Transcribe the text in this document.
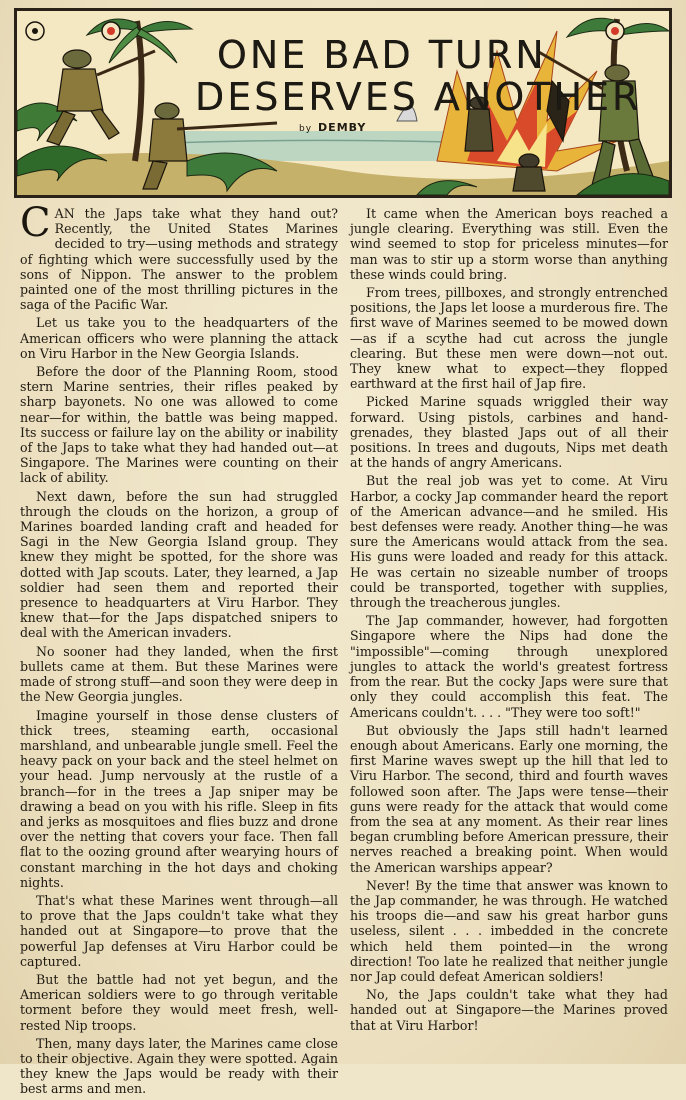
ONE BAD TURN
DESERVES ANOTHER
by DEMBY

CAN the Japs take what they hand out? Recently, the United States Marines decided to try—using methods and strategy of fighting which were successfully used by the sons of Nippon. The answer to the problem painted one of the most thrilling pictures in the saga of the Pacific War.

Let us take you to the headquarters of the American officers who were planning the attack on Viru Harbor in the New Georgia Islands.

Before the door of the Planning Room, stood stern Marine sentries, their rifles peaked by sharp bayonets. No one was allowed to come near—for within, the battle was being mapped. Its success or failure lay on the ability or inability of the Japs to take what they had handed out—at Singapore. The Marines were counting on their lack of ability.

Next dawn, before the sun had struggled through the clouds on the horizon, a group of Marines boarded landing craft and headed for Sagi in the New Georgia Island group. They knew they might be spotted, for the shore was dotted with Jap scouts. Later, they learned, a Jap soldier had seen them and reported their presence to headquarters at Viru Harbor. They knew that—for the Japs dispatched snipers to deal with the American invaders.

No sooner had they landed, when the first bullets came at them. But these Marines were made of strong stuff—and soon they were deep in the New Georgia jungles.

Imagine yourself in those dense clusters of thick trees, steaming earth, occasional marshland, and unbearable jungle smell. Feel the heavy pack on your back and the steel helmet on your head. Jump nervously at the rustle of a branch—for in the trees a Jap sniper may be drawing a bead on you with his rifle. Sleep in fits and jerks as mosquitoes and flies buzz and drone over the netting that covers your face. Then fall flat to the oozing ground after wearying hours of constant marching in the hot days and choking nights.

That's what these Marines went through—all to prove that the Japs couldn't take what they handed out at Singapore—to prove that the powerful Jap defenses at Viru Harbor could be captured.

But the battle had not yet begun, and the American soldiers were to go through veritable torment before they would meet fresh, well-rested Nip troops.

Then, many days later, the Marines came close to their objective. Again they were spotted. Again they knew the Japs would be ready with their best arms and men.

It came when the American boys reached a jungle clearing. Everything was still. Even the wind seemed to stop for priceless minutes—for man was to stir up a storm worse than anything these winds could bring.

From trees, pillboxes, and strongly entrenched positions, the Japs let loose a murderous fire. The first wave of Marines seemed to be mowed down—as if a scythe had cut across the jungle clearing. But these men were down—not out. They knew what to expect—they flopped earthward at the first hail of Jap fire.

Picked Marine squads wriggled their way forward. Using pistols, carbines and hand-grenades, they blasted Japs out of all their positions. In trees and dugouts, Nips met death at the hands of angry Americans.

But the real job was yet to come. At Viru Harbor, a cocky Jap commander heard the report of the American advance—and he smiled. His best defenses were ready. Another thing—he was sure the Americans would attack from the sea. His guns were loaded and ready for this attack. He was certain no sizeable number of troops could be transported, together with supplies, through the treacherous jungles.

The Jap commander, however, had forgotten Singapore where the Nips had done the "impossible"—coming through unexplored jungles to attack the world's greatest fortress from the rear. But the cocky Japs were sure that only they could accomplish this feat. The Americans couldn't. . . . "They were too soft!"

But obviously the Japs still hadn't learned enough about Americans. Early one morning, the first Marine waves swept up the hill that led to Viru Harbor. The second, third and fourth waves followed soon after. The Japs were tense—their guns were ready for the attack that would come from the sea at any moment. As their rear lines began crumbling before American pressure, their nerves reached a breaking point. When would the American warships appear?

Never! By the time that answer was known to the Jap commander, he was through. He watched his troops die—and saw his great harbor guns useless, silent . . . imbedded in the concrete which held them pointed—in the wrong direction! Too late he realized that neither jungle nor Jap could defeat American soldiers!

No, the Japs couldn't take what they had handed out at Singapore—the Marines proved that at Viru Harbor!
